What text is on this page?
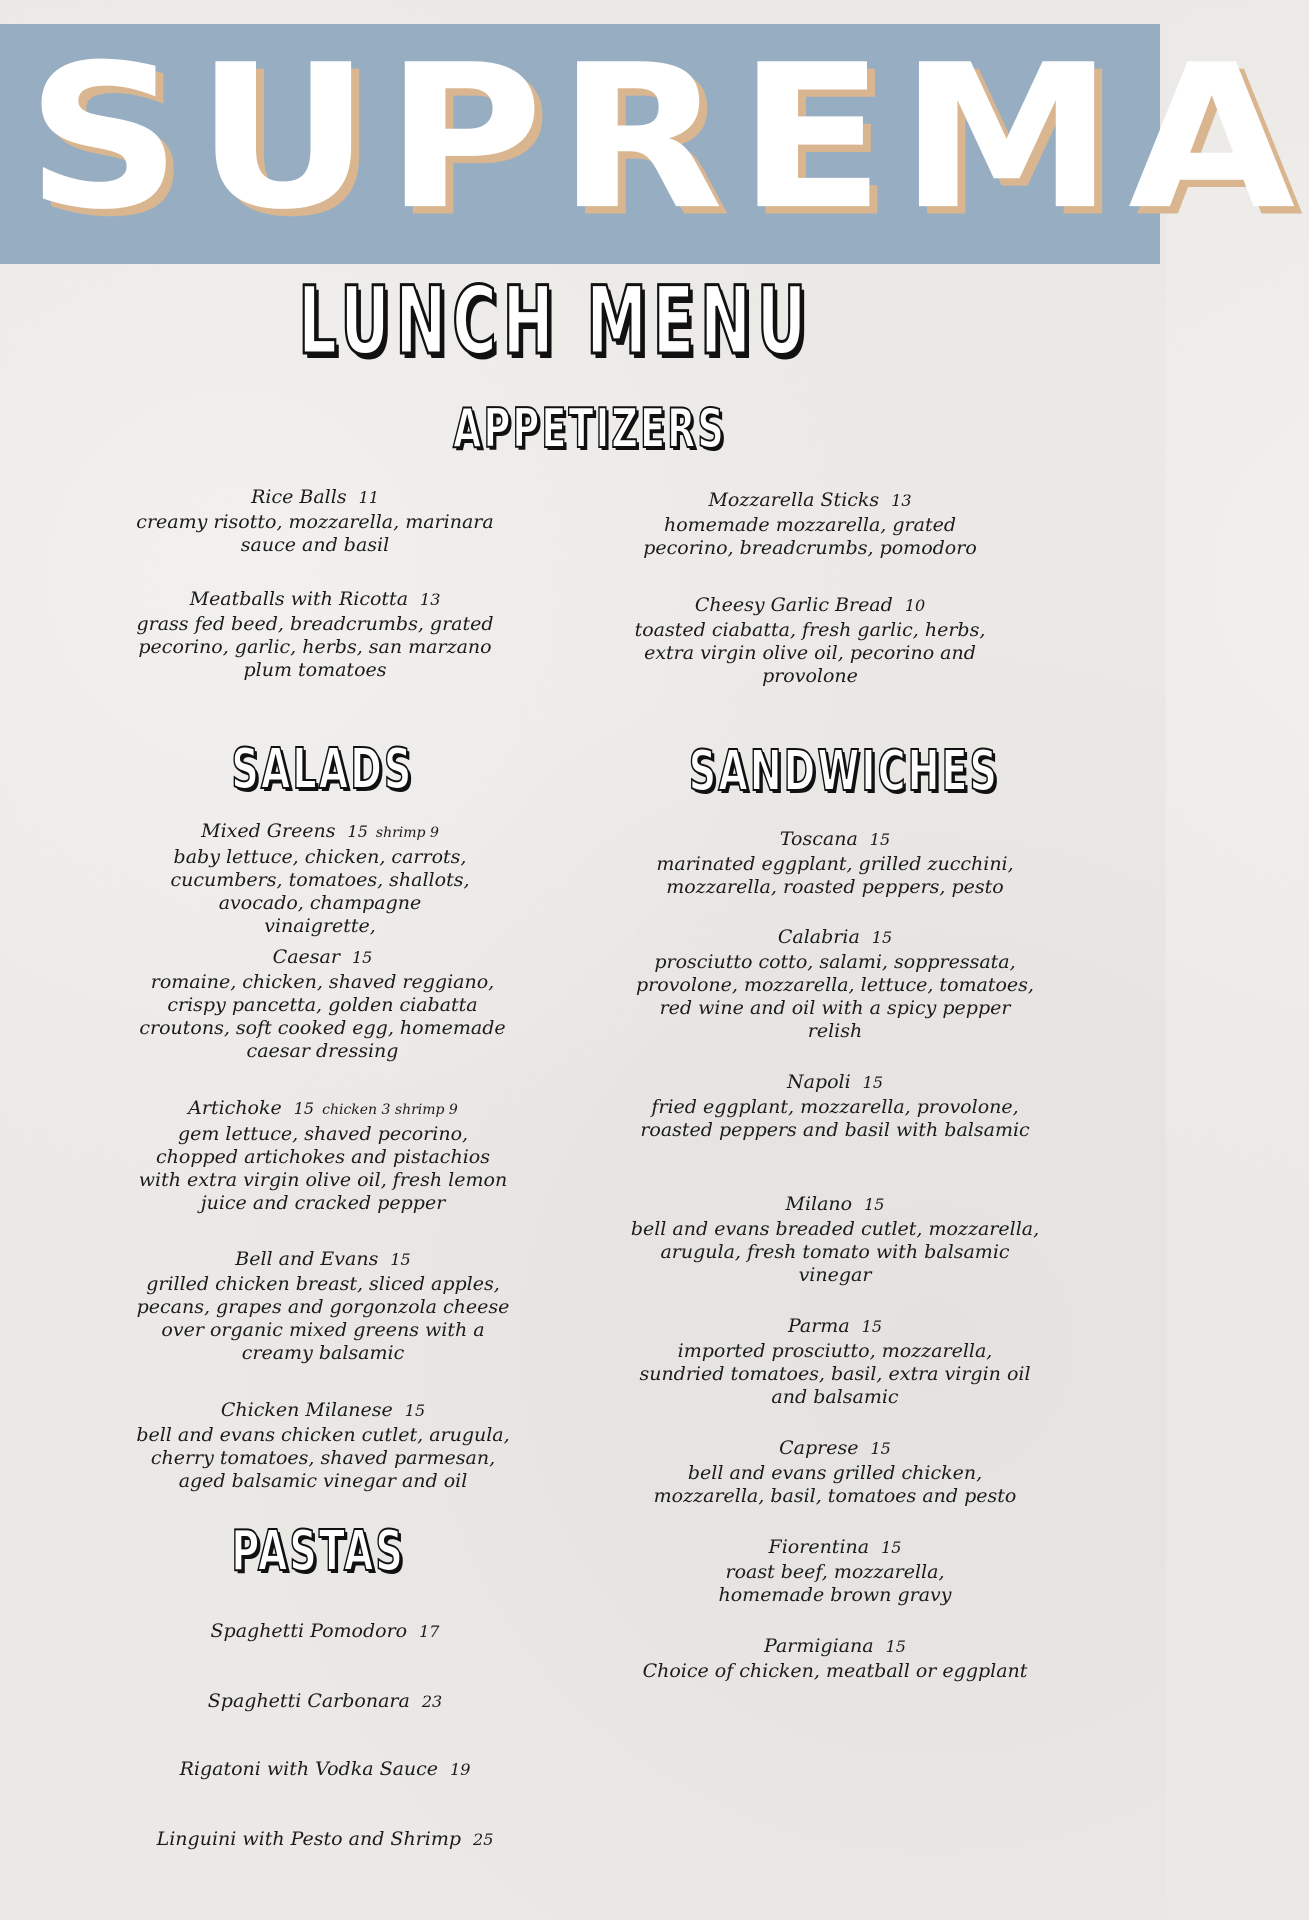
SUPREMA
LUNCH MENU
APPETIZERS
Rice Balls 11
creamy risotto, mozzarella, marinara sauce and basil
Meatballs with Ricotta 13
grass fed beed, breadcrumbs, grated pecorino, garlic, herbs, san marzano plum tomatoes
Mozzarella Sticks 13
homemade mozzarella, grated pecorino, breadcrumbs, pomodoro
Cheesy Garlic Bread 10
toasted ciabatta, fresh garlic, herbs, extra virgin olive oil, pecorino and provolone
SALADS
Mixed Greens 15 shrimp 9
baby lettuce, chicken, carrots, cucumbers, tomatoes, shallots, avocado, champagne vinaigrette,
Caesar 15
romaine, chicken, shaved reggiano, crispy pancetta, golden ciabatta croutons, soft cooked egg, homemade caesar dressing
Artichoke 15 chicken 3 shrimp 9
gem lettuce, shaved pecorino, chopped artichokes and pistachios with extra virgin olive oil, fresh lemon juice and cracked pepper
Bell and Evans 15
grilled chicken breast, sliced apples, pecans, grapes and gorgonzola cheese over organic mixed greens with a creamy balsamic
Chicken Milanese 15
bell and evans chicken cutlet, arugula, cherry tomatoes, shaved parmesan, aged balsamic vinegar and oil
PASTAS
Spaghetti Pomodoro 17
Spaghetti Carbonara 23
Rigatoni with Vodka Sauce 19
Linguini with Pesto and Shrimp 25
SANDWICHES
Toscana 15
marinated eggplant, grilled zucchini, mozzarella, roasted peppers, pesto
Calabria 15
prosciutto cotto, salami, soppressata, provolone, mozzarella, lettuce, tomatoes, red wine and oil with a spicy pepper relish
Napoli 15
fried eggplant, mozzarella, provolone, roasted peppers and basil with balsamic
Milano 15
bell and evans breaded cutlet, mozzarella, arugula, fresh tomato with balsamic vinegar
Parma 15
imported prosciutto, mozzarella, sundried tomatoes, basil, extra virgin oil and balsamic
Caprese 15
bell and evans grilled chicken, mozzarella, basil, tomatoes and pesto
Fiorentina 15
roast beef, mozzarella, homemade brown gravy
Parmigiana 15
Choice of chicken, meatball or eggplant
